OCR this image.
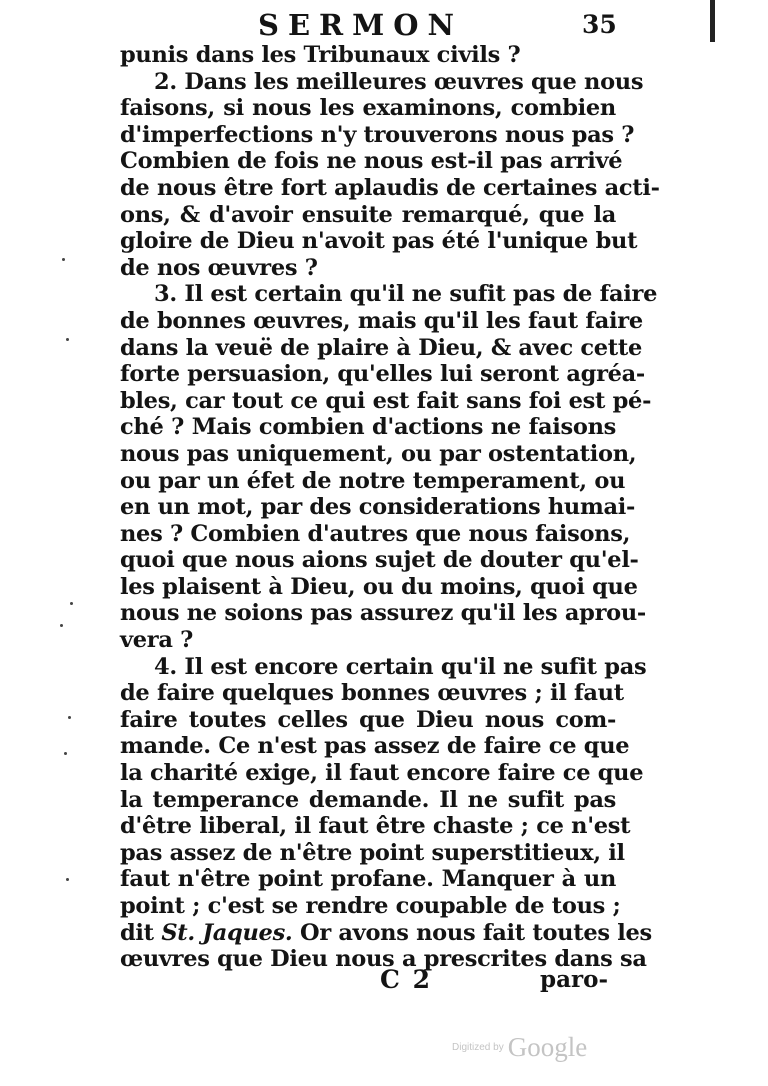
SERMON	35
punis dans les Tribunaux civils ?
2. Dans les meilleures œuvres que nous
faisons, si nous les examinons, combien
d'imperfections n'y trouverons nous pas ?
Combien de fois ne nous est-il pas arrivé
de nous être fort aplaudis de certaines acti-
ons, & d'avoir ensuite remarqué, que la
gloire de Dieu n'avoit pas été l'unique but
de nos œuvres ?
3. Il est certain qu'il ne sufit pas de faire
de bonnes œuvres, mais qu'il les faut faire
dans la veuë de plaire à Dieu, & avec cette
forte persuasion, qu'elles lui seront agréa-
bles, car tout ce qui est fait sans foi est pé-
ché ? Mais combien d'actions ne faisons
nous pas uniquement, ou par ostentation,
ou par un éfet de notre temperament, ou
en un mot, par des considerations humai-
nes ? Combien d'autres que nous faisons,
quoi que nous aions sujet de douter qu'el-
les plaisent à Dieu, ou du moins, quoi que
nous ne soions pas assurez qu'il les aprou-
vera ?
4. Il est encore certain qu'il ne sufit pas
de faire quelques bonnes œuvres ; il faut
faire toutes celles que Dieu nous com-
mande. Ce n'est pas assez de faire ce que
la charité exige, il faut encore faire ce que
la temperance demande. Il ne sufit pas
d'être liberal, il faut être chaste ; ce n'est
pas assez de n'être point superstitieux, il
faut n'être point profane. Manquer à un
point ; c'est se rendre coupable de tous ;
dit St. Jaques. Or avons nous fait toutes les
œuvres que Dieu nous a prescrites dans sa
C 2	paro-
Digitized by Google
